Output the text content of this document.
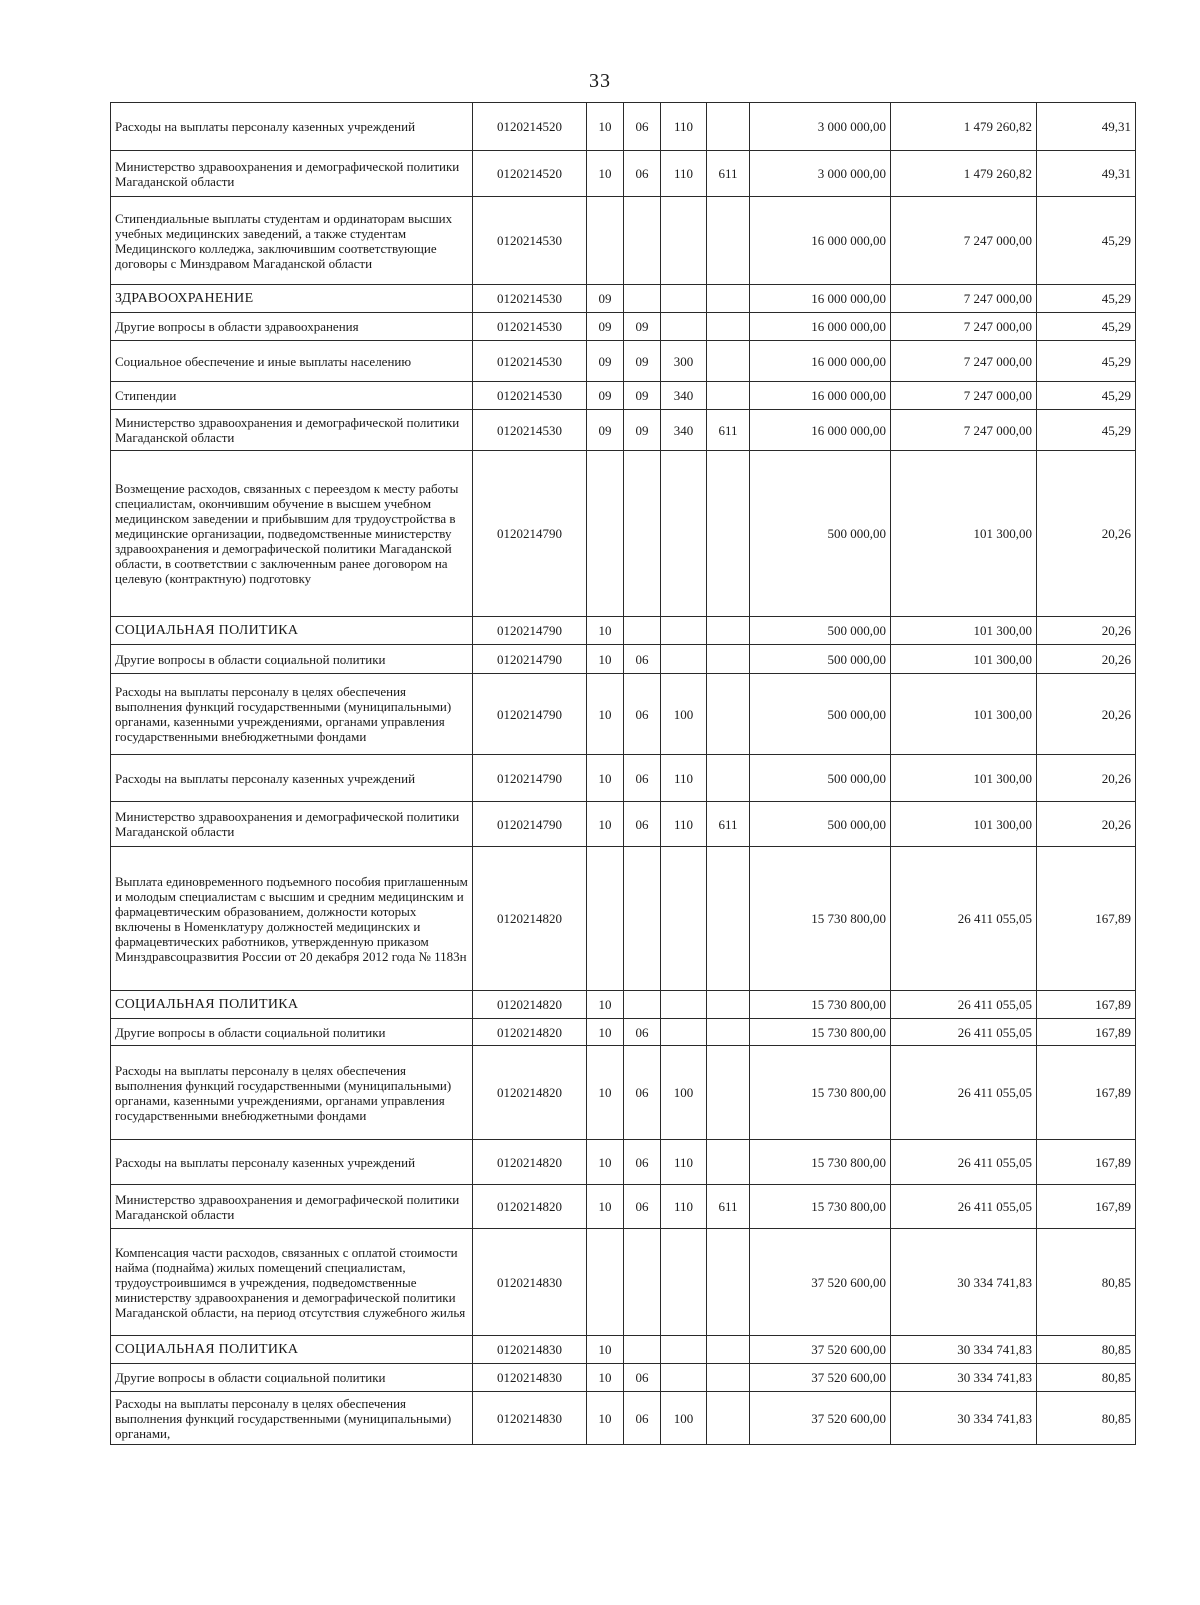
33
Расходы на выплаты персоналу казенных учреждений	0120214520	10	06	110		3 000 000,00	1 479 260,82	49,31
Министерство здравоохранения и демографической политики Магаданской области	0120214520	10	06	110	611	3 000 000,00	1 479 260,82	49,31
Стипендиальные выплаты студентам и ординаторам высших учебных медицинских заведений, а также студентам Медицинского колледжа, заключившим соответствующие договоры с Минздравом Магаданской области	0120214530					16 000 000,00	7 247 000,00	45,29
ЗДРАВООХРАНЕНИЕ	0120214530	09				16 000 000,00	7 247 000,00	45,29
Другие вопросы в области здравоохранения	0120214530	09	09			16 000 000,00	7 247 000,00	45,29
Социальное обеспечение и иные выплаты населению	0120214530	09	09	300		16 000 000,00	7 247 000,00	45,29
Стипендии	0120214530	09	09	340		16 000 000,00	7 247 000,00	45,29
Министерство здравоохранения и демографической политики Магаданской области	0120214530	09	09	340	611	16 000 000,00	7 247 000,00	45,29
Возмещение расходов, связанных с переездом к месту работы специалистам, окончившим обучение в высшем учебном медицинском заведении и прибывшим для трудоустройства в медицинские организации, подведомственные министерству здравоохранения и демографической политики Магаданской области, в соответствии с заключенным ранее договором на целевую (контрактную) подготовку	0120214790					500 000,00	101 300,00	20,26
СОЦИАЛЬНАЯ ПОЛИТИКА	0120214790	10				500 000,00	101 300,00	20,26
Другие вопросы в области социальной политики	0120214790	10	06			500 000,00	101 300,00	20,26
Расходы на выплаты персоналу в целях обеспечения выполнения функций государственными (муниципальными) органами, казенными учреждениями, органами управления государственными внебюджетными фондами	0120214790	10	06	100		500 000,00	101 300,00	20,26
Расходы на выплаты персоналу казенных учреждений	0120214790	10	06	110		500 000,00	101 300,00	20,26
Министерство здравоохранения и демографической политики Магаданской области	0120214790	10	06	110	611	500 000,00	101 300,00	20,26
Выплата единовременного подъемного пособия приглашенным и молодым специалистам с высшим и средним медицинским и фармацевтическим образованием, должности которых включены в Номенклатуру должностей медицинских и фармацевтических работников, утвержденную приказом Минздравсоцразвития России от 20 декабря 2012 года № 1183н	0120214820					15 730 800,00	26 411 055,05	167,89
СОЦИАЛЬНАЯ ПОЛИТИКА	0120214820	10				15 730 800,00	26 411 055,05	167,89
Другие вопросы в области социальной политики	0120214820	10	06			15 730 800,00	26 411 055,05	167,89
Расходы на выплаты персоналу в целях обеспечения выполнения функций государственными (муниципальными) органами, казенными учреждениями, органами управления государственными внебюджетными фондами	0120214820	10	06	100		15 730 800,00	26 411 055,05	167,89
Расходы на выплаты персоналу казенных учреждений	0120214820	10	06	110		15 730 800,00	26 411 055,05	167,89
Министерство здравоохранения и демографической политики Магаданской области	0120214820	10	06	110	611	15 730 800,00	26 411 055,05	167,89
Компенсация части расходов, связанных с оплатой стоимости найма (поднайма) жилых помещений специалистам, трудоустроившимся в учреждения, подведомственные министерству здравоохранения и демографической политики Магаданской области, на период отсутствия служебного жилья	0120214830					37 520 600,00	30 334 741,83	80,85
СОЦИАЛЬНАЯ ПОЛИТИКА	0120214830	10				37 520 600,00	30 334 741,83	80,85
Другие вопросы в области социальной политики	0120214830	10	06			37 520 600,00	30 334 741,83	80,85
Расходы на выплаты персоналу в целях обеспечения выполнения функций государственными (муниципальными) органами,	0120214830	10	06	100		37 520 600,00	30 334 741,83	80,85
